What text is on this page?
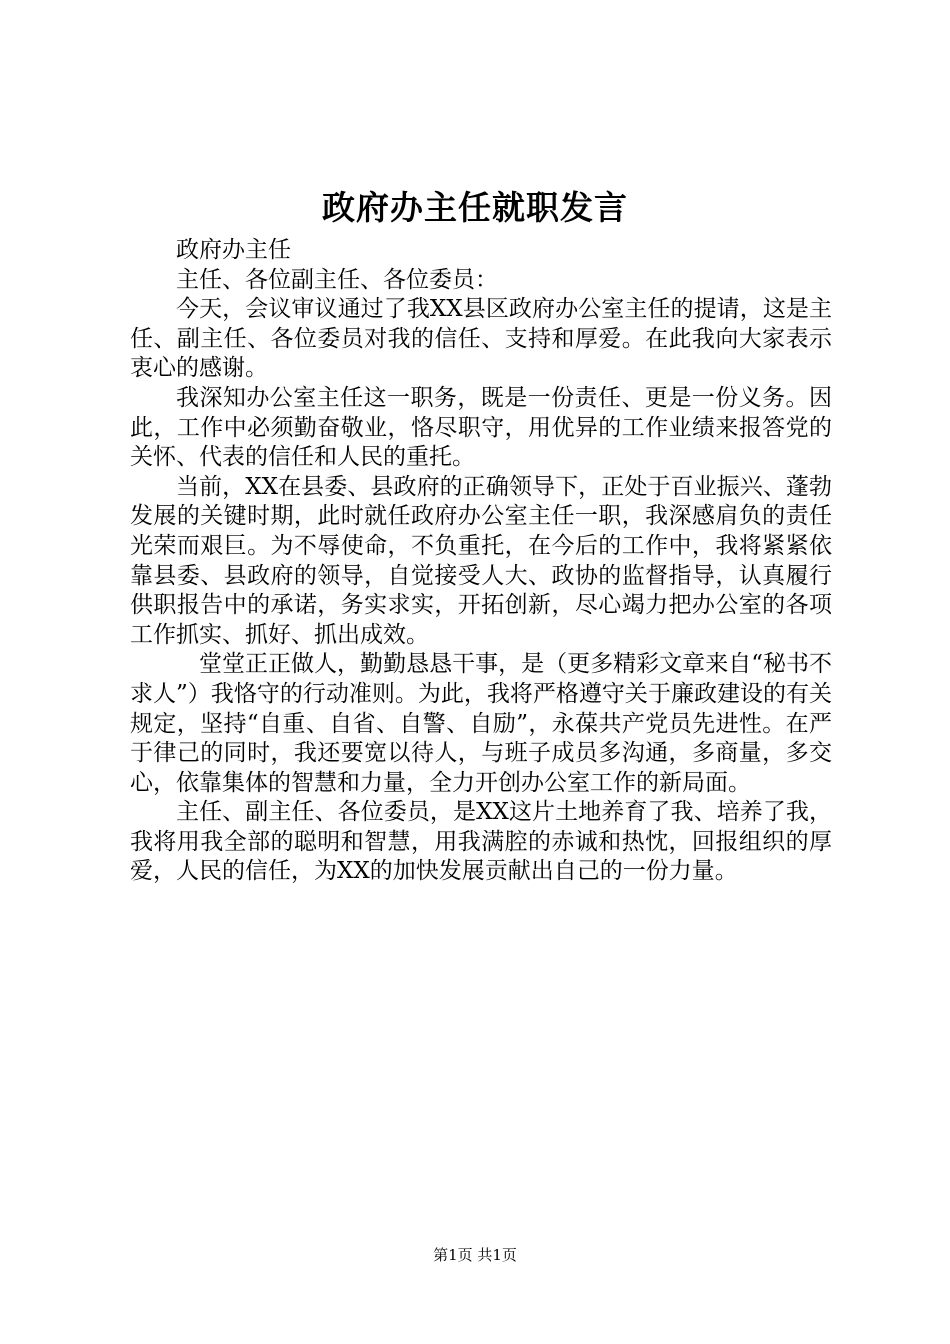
政府办主任就职发言

政府办主任

主任、各位副主任、各位委员：

今天，会议审议通过了我XX县区政府办公室主任的提请，这是主任、副主任、各位委员对我的信任、支持和厚爱。在此我向大家表示衷心的感谢。

我深知办公室主任这一职务，既是一份责任、更是一份义务。因此，工作中必须勤奋敬业，恪尽职守，用优异的工作业绩来报答党的关怀、代表的信任和人民的重托。

当前，XX在县委、县政府的正确领导下，正处于百业振兴、蓬勃发展的关键时期，此时就任政府办公室主任一职，我深感肩负的责任光荣而艰巨。为不辱使命，不负重托，在今后的工作中，我将紧紧依靠县委、县政府的领导，自觉接受人大、政协的监督指导，认真履行供职报告中的承诺，务实求实，开拓创新，尽心竭力把办公室的各项工作抓实、抓好、抓出成效。

堂堂正正做人，勤勤恳恳干事，是（更多精彩文章来自“秘书不求人”）我恪守的行动准则。为此，我将严格遵守关于廉政建设的有关规定，坚持“自重、自省、自警、自励”，永葆共产党员先进性。在严于律己的同时，我还要宽以待人，与班子成员多沟通，多商量，多交心，依靠集体的智慧和力量，全力开创办公室工作的新局面。

主任、副主任、各位委员，是XX这片土地养育了我、培养了我，我将用我全部的聪明和智慧，用我满腔的赤诚和热忱，回报组织的厚爱，人民的信任，为XX的加快发展贡献出自己的一份力量。

第1页 共1页
